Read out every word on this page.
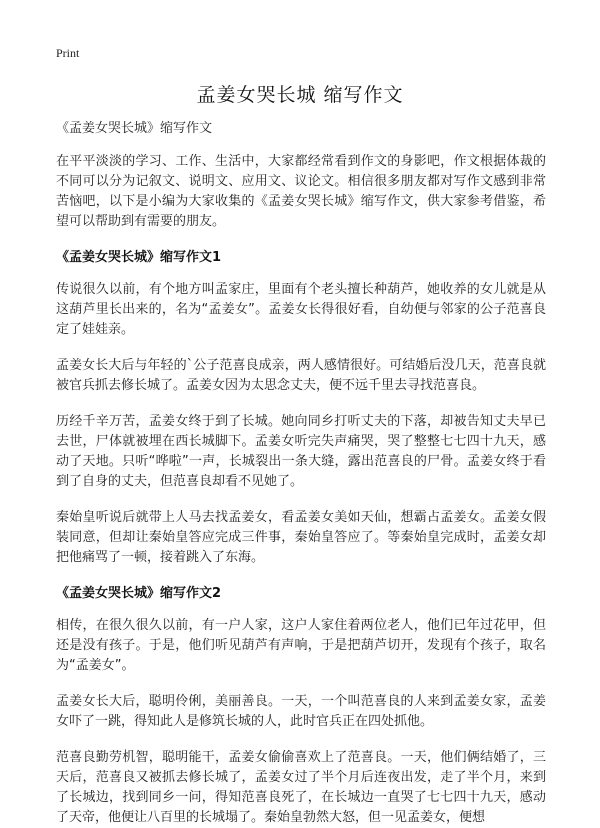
Print
孟姜女哭长城 缩写作文

《孟姜女哭长城》缩写作文

在平平淡淡的学习、工作、生活中，大家都经常看到作文的身影吧，作文根据体裁的不同可以分为记叙文、说明文、应用文、议论文。相信很多朋友都对写作文感到非常苦恼吧，以下是小编为大家收集的《孟姜女哭长城》缩写作文，供大家参考借鉴，希望可以帮助到有需要的朋友。

《孟姜女哭长城》缩写作文1

传说很久以前，有个地方叫孟家庄，里面有个老头擅长种葫芦，她收养的女儿就是从这葫芦里长出来的，名为“孟姜女”。孟姜女长得很好看，自幼便与邻家的公子范喜良定了娃娃亲。

孟姜女长大后与年轻的`公子范喜良成亲，两人感情很好。可结婚后没几天，范喜良就被官兵抓去修长城了。孟姜女因为太思念丈夫，便不远千里去寻找范喜良。

历经千辛万苦，孟姜女终于到了长城。她向同乡打听丈夫的下落，却被告知丈夫早已去世，尸体就被埋在西长城脚下。孟姜女听完失声痛哭，哭了整整七七四十九天，感动了天地。只听“哗啦”一声，长城裂出一条大缝，露出范喜良的尸骨。孟姜女终于看到了自身的丈夫，但范喜良却看不见她了。

秦始皇听说后就带上人马去找孟姜女，看孟姜女美如天仙，想霸占孟姜女。孟姜女假装同意，但却让秦始皇答应完成三件事，秦始皇答应了。等秦始皇完成时，孟姜女却把他痛骂了一顿，接着跳入了东海。

《孟姜女哭长城》缩写作文2

相传，在很久很久以前，有一户人家，这户人家住着两位老人，他们已年过花甲，但还是没有孩子。于是，他们听见葫芦有声响，于是把葫芦切开，发现有个孩子，取名为“孟姜女”。

孟姜女长大后，聪明伶俐，美丽善良。一天，一个叫范喜良的人来到孟姜女家，孟姜女吓了一跳，得知此人是修筑长城的人，此时官兵正在四处抓他。

范喜良勤劳机智，聪明能干，孟姜女偷偷喜欢上了范喜良。一天，他们俩结婚了，三天后，范喜良又被抓去修长城了，孟姜女过了半个月后连夜出发，走了半个月，来到了长城边，找到同乡一问，得知范喜良死了，在长城边一直哭了七七四十九天，感动了天帝，他便让八百里的长城塌了。秦始皇勃然大怒，但一见孟姜女，便想
